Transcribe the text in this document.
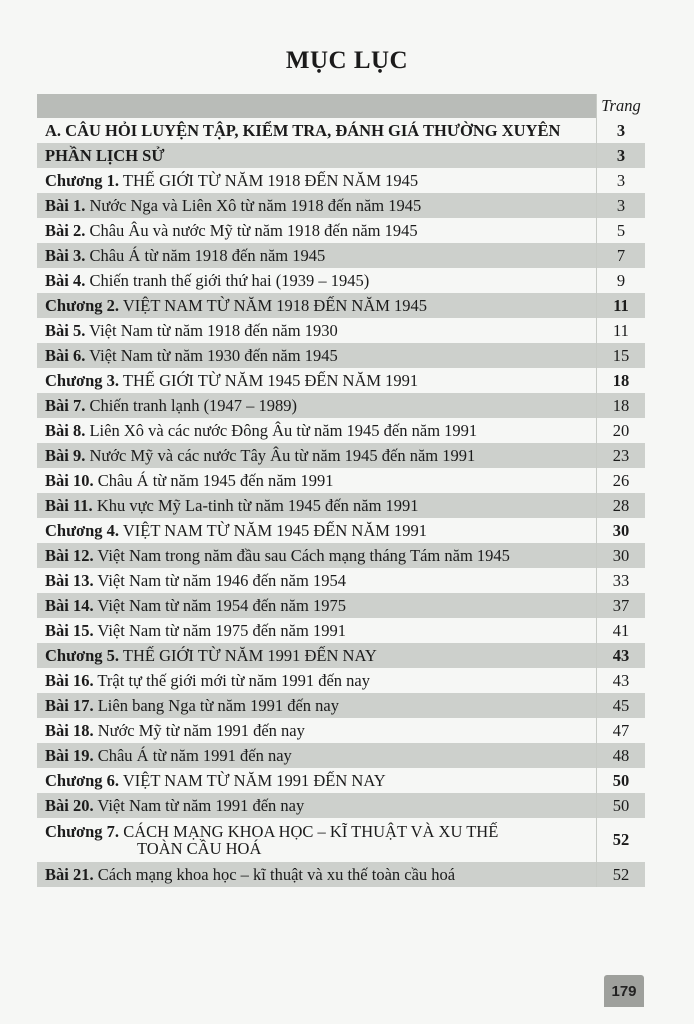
MỤC LỤC
	Trang
A. CÂU HỎI LUYỆN TẬP, KIỂM TRA, ĐÁNH GIÁ THƯỜNG XUYÊN	3
PHẦN LỊCH SỬ	3
Chương 1. THẾ GIỚI TỪ NĂM 1918 ĐẾN NĂM 1945	3
Bài 1. Nước Nga và Liên Xô từ năm 1918 đến năm 1945	3
Bài 2. Châu Âu và nước Mỹ từ năm 1918 đến năm 1945	5
Bài 3. Châu Á từ năm 1918 đến năm 1945	7
Bài 4. Chiến tranh thế giới thứ hai (1939 – 1945)	9
Chương 2. VIỆT NAM TỪ NĂM 1918 ĐẾN NĂM 1945	11
Bài 5. Việt Nam từ năm 1918 đến năm 1930	11
Bài 6. Việt Nam từ năm 1930 đến năm 1945	15
Chương 3. THẾ GIỚI TỪ NĂM 1945 ĐẾN NĂM 1991	18
Bài 7. Chiến tranh lạnh (1947 – 1989)	18
Bài 8. Liên Xô và các nước Đông Âu từ năm 1945 đến năm 1991	20
Bài 9. Nước Mỹ và các nước Tây Âu từ năm 1945 đến năm 1991	23
Bài 10. Châu Á từ năm 1945 đến năm 1991	26
Bài 11. Khu vực Mỹ La-tinh từ năm 1945 đến năm 1991	28
Chương 4. VIỆT NAM TỪ NĂM 1945 ĐẾN NĂM 1991	30
Bài 12. Việt Nam trong năm đầu sau Cách mạng tháng Tám năm 1945	30
Bài 13. Việt Nam từ năm 1946 đến năm 1954	33
Bài 14. Việt Nam từ năm 1954 đến năm 1975	37
Bài 15. Việt Nam từ năm 1975 đến năm 1991	41
Chương 5. THẾ GIỚI TỪ NĂM 1991 ĐẾN NAY	43
Bài 16. Trật tự thế giới mới từ năm 1991 đến nay	43
Bài 17. Liên bang Nga từ năm 1991 đến nay	45
Bài 18. Nước Mỹ từ năm 1991 đến nay	47
Bài 19. Châu Á từ năm 1991 đến nay	48
Chương 6. VIỆT NAM TỪ NĂM 1991 ĐẾN NAY	50
Bài 20. Việt Nam từ năm 1991 đến nay	50
Chương 7. CÁCH MẠNG KHOA HỌC – KĨ THUẬT VÀ XU THẾ
TOÀN CẦU HOÁ	52
Bài 21. Cách mạng khoa học – kĩ thuật và xu thế toàn cầu hoá	52
179
